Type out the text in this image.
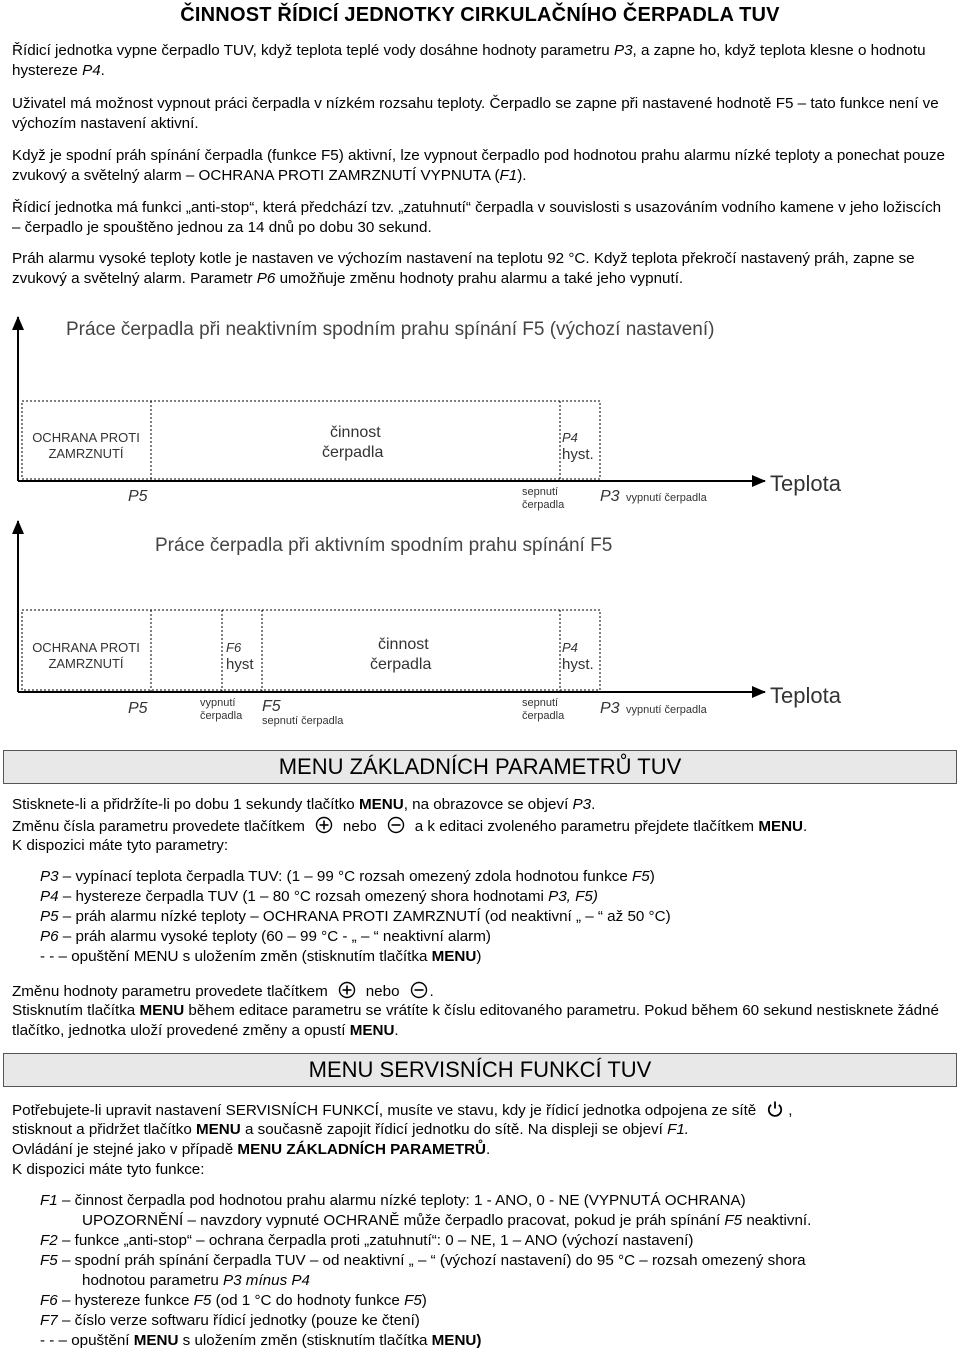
ČINNOST ŘÍDICÍ JEDNOTKY CIRKULAČNÍHO ČERPADLA TUV

Řídicí jednotka vypne čerpadlo TUV, když teplota teplé vody dosáhne hodnoty parametru P3, a zapne ho, když teplota klesne o hodnotu hystereze P4.

Uživatel má možnost vypnout práci čerpadla v nízkém rozsahu teploty. Čerpadlo se zapne při nastavené hodnotě F5 – tato funkce není ve výchozím nastavení aktivní.

Když je spodní práh spínání čerpadla (funkce F5) aktivní, lze vypnout čerpadlo pod hodnotou prahu alarmu nízké teploty a ponechat pouze zvukový a světelný alarm – OCHRANA PROTI ZAMRZNUTÍ VYPNUTA (F1).

Řídicí jednotka má funkci „anti-stop“, která předchází tzv. „zatuhnutí“ čerpadla v souvislosti s usazováním vodního kamene v jeho ložiscích – čerpadlo je spouštěno jednou za 14 dnů po dobu 30 sekund.

Práh alarmu vysoké teploty kotle je nastaven ve výchozím nastavení na teplotu 92 °C. Když teplota překročí nastavený práh, zapne se zvukový a světelný alarm. Parametr P6 umožňuje změnu hodnoty prahu alarmu a také jeho vypnutí.

Práce čerpadla při neaktivním spodním prahu spínání F5 (výchozí nastavení)
OCHRANA PROTI
ZAMRZNUTÍ
činnost
čerpadla
P4
hyst.
P5	sepnutí
čerpadla P3 vypnutí čerpadla
Teplota
Práce čerpadla při aktivním spodním prahu spínání F5
OCHRANA PROTI
ZAMRZNUTÍ
F6
hyst
činnost
čerpadla
P4
hyst.
P5	vypnutí
čerpadla
F5
sepnutí čerpadla
sepnutí
čerpadla P3 vypnutí čerpadla
Teplota
MENU ZÁKLADNÍCH PARAMETRŮ TUV

Stisknete-li a přidržíte-li po dobu 1 sekundy tlačítko MENU, na obrazovce se objeví P3.

Změnu čísla parametru provedete tlačítkem	nebo	a k editaci zvoleného parametru přejdete tlačítkem MENU.

K dispozici máte tyto parametry:

P3 – vypínací teplota čerpadla TUV: (1 – 99 °C rozsah omezený zdola hodnotou funkce F5)
P4 – hystereze čerpadla TUV (1 – 80 °C rozsah omezený shora hodnotami P3, F5)
P5 – práh alarmu nízké teploty – OCHRANA PROTI ZAMRZNUTÍ (od neaktivní „ – “ až 50 °C)
P6 – práh alarmu vysoké teploty (60 – 99 °C - „ – “ neaktivní alarm)
- - – opuštění MENU s uložením změn (stisknutím tlačítka MENU)

Změnu hodnoty parametru provedete tlačítkem	nebo .

Stisknutím tlačítka MENU během editace parametru se vrátíte k číslu editovaného parametru. Pokud během 60 sekund nestisknete žádné tlačítko, jednotka uloží provedené změny a opustí MENU.

MENU SERVISNÍCH FUNKCÍ TUV

Potřebujete-li upravit nastavení SERVISNÍCH FUNKCÍ, musíte ve stavu, kdy je řídicí jednotka odpojena ze sítě ,

stisknout a přidržet tlačítko MENU a současně zapojit řídicí jednotku do sítě. Na displeji se objeví F1.

Ovládání je stejné jako v případě MENU ZÁKLADNÍCH PARAMETRŮ.

K dispozici máte tyto funkce:

F1 – činnost čerpadla pod hodnotou prahu alarmu nízké teploty: 1 - ANO, 0 - NE (VYPNUTÁ OCHRANA)
UPOZORNĚNÍ – navzdory vypnuté OCHRANĚ může čerpadlo pracovat, pokud je práh spínání F5 neaktivní.
F2 – funkce „anti-stop“ – ochrana čerpadla proti „zatuhnutí“: 0 – NE, 1 – ANO (výchozí nastavení)
F5 – spodní práh spínání čerpadla TUV – od neaktivní „ – “ (výchozí nastavení) do 95 °C – rozsah omezený shora
hodnotou parametru P3 mínus P4
F6 – hystereze funkce F5 (od 1 °C do hodnoty funkce F5)
F7 – číslo verze softwaru řídicí jednotky (pouze ke čtení)
- - – opuštění MENU s uložením změn (stisknutím tlačítka MENU)
